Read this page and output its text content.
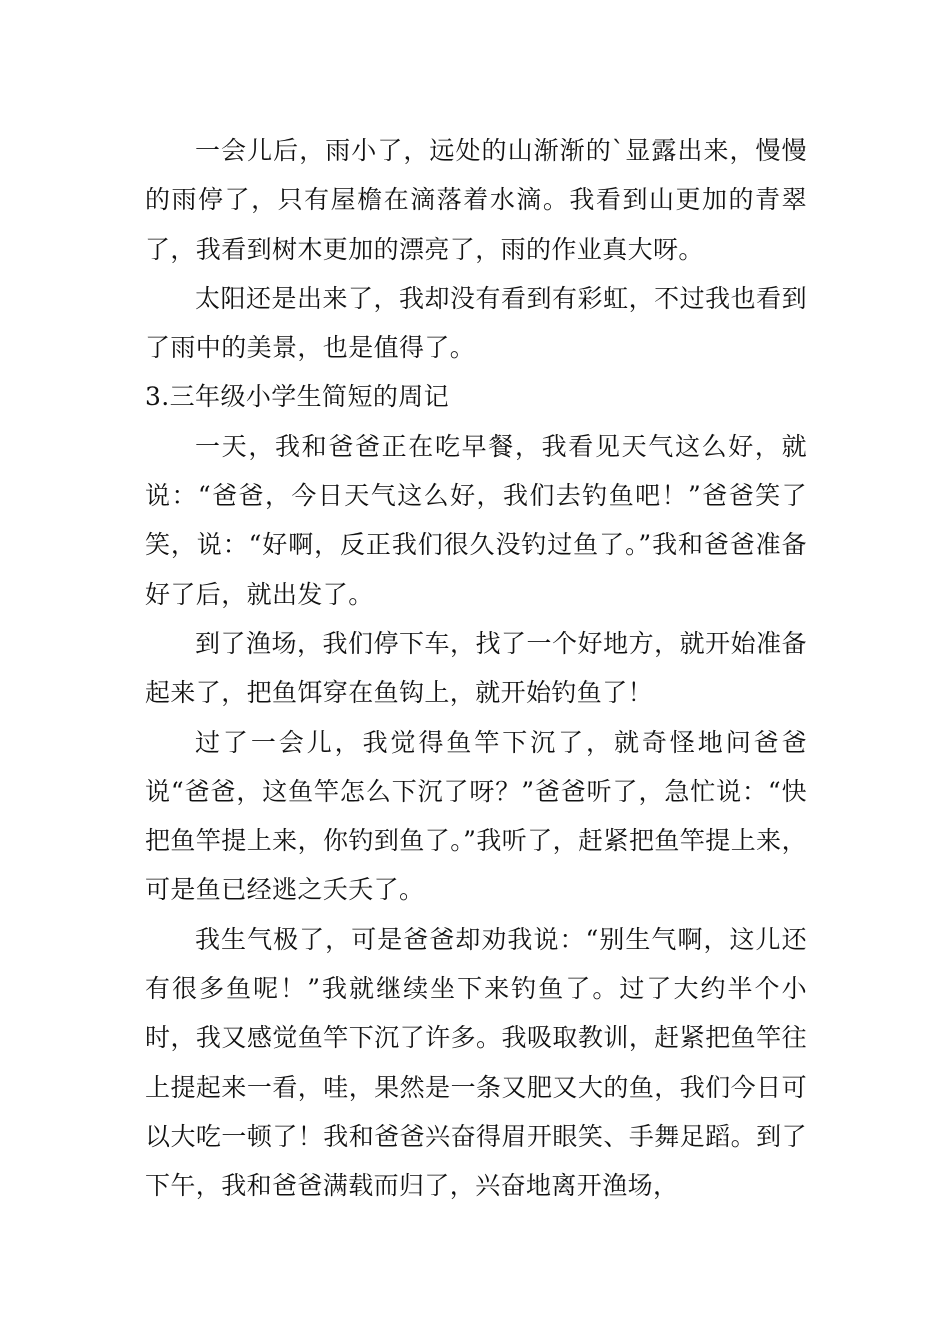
一会儿后，雨小了，远处的山渐渐的`显露出来，慢慢的雨停了，只有屋檐在滴落着水滴。我看到山更加的青翠了，我看到树木更加的漂亮了，雨的作业真大呀。

太阳还是出来了，我却没有看到有彩虹，不过我也看到了雨中的美景，也是值得了。

3.三年级小学生简短的周记

一天，我和爸爸正在吃早餐，我看见天气这么好，就说：“爸爸，今日天气这么好，我们去钓鱼吧！”爸爸笑了笑，说：“好啊，反正我们很久没钓过鱼了。”我和爸爸准备好了后，就出发了。

到了渔场，我们停下车，找了一个好地方，就开始准备起来了，把鱼饵穿在鱼钩上，就开始钓鱼了！

过了一会儿，我觉得鱼竿下沉了，就奇怪地问爸爸说“爸爸，这鱼竿怎么下沉了呀？”爸爸听了，急忙说：“快把鱼竿提上来，你钓到鱼了。”我听了，赶紧把鱼竿提上来，可是鱼已经逃之夭夭了。

我生气极了，可是爸爸却劝我说：“别生气啊，这儿还有很多鱼呢！”我就继续坐下来钓鱼了。过了大约半个小时，我又感觉鱼竿下沉了许多。我吸取教训，赶紧把鱼竿往上提起来一看，哇，果然是一条又肥又大的鱼，我们今日可以大吃一顿了！我和爸爸兴奋得眉开眼笑、手舞足蹈。到了下午，我和爸爸满载而归了，兴奋地离开渔场，
